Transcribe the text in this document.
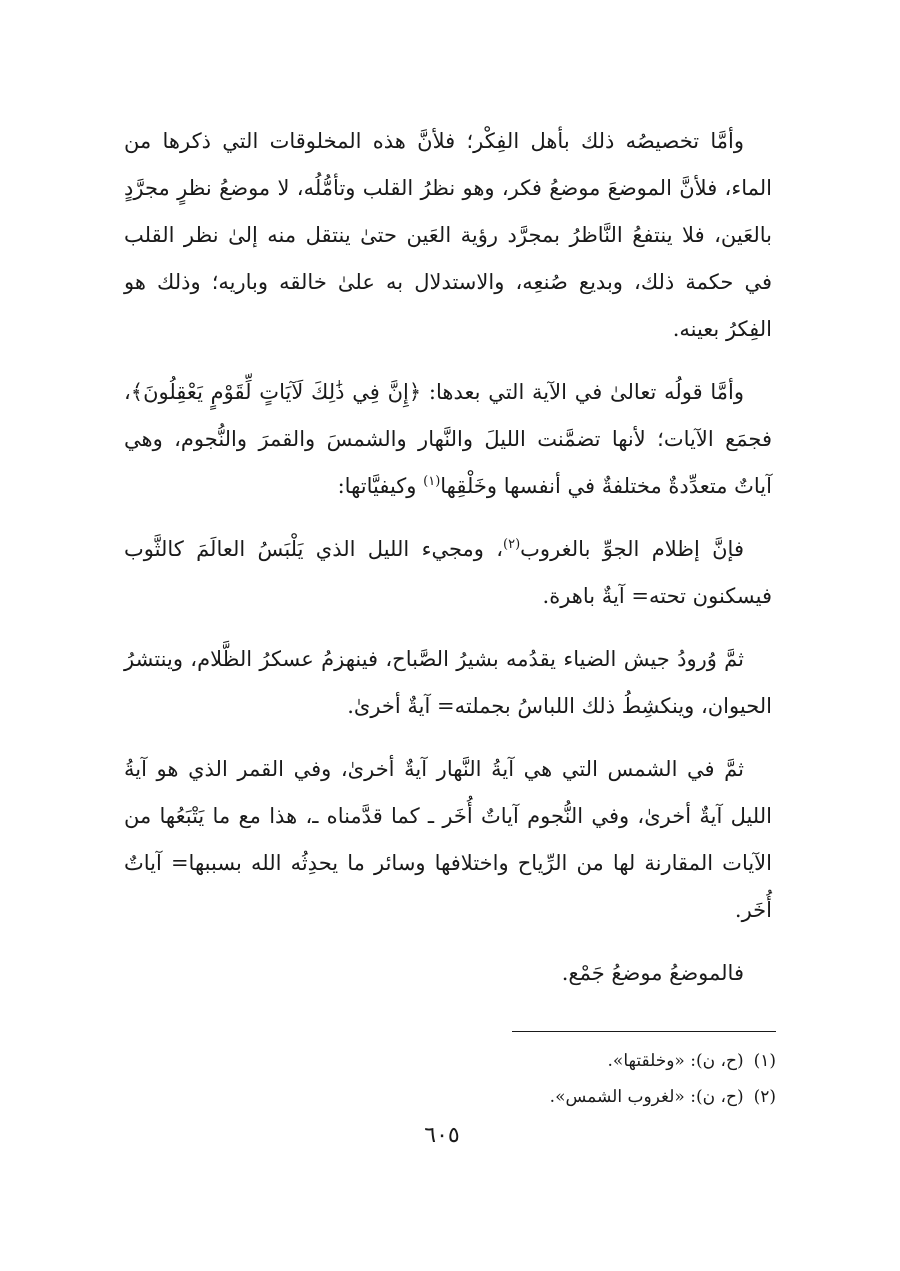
وأمَّا تخصيصُه ذلك بأهل الفِكْر؛ فلأنَّ هذه المخلوقات التي ذكرها من الماء، فلأنَّ الموضعَ موضعُ فكر، وهو نظرُ القلب وتأمُّلُه، لا موضعُ نظرٍ مجرَّدٍ بالعَين، فلا ينتفعُ النَّاظرُ بمجرَّد رؤية العَين حتىٰ ينتقل منه إلىٰ نظر القلب في حكمة ذلك، وبديع صُنعِه، والاستدلال به علىٰ خالقه وباريه؛ وذلك هو الفِكرُ بعينه.

وأمَّا قولُه تعالىٰ في الآية التي بعدها: ﴿إِنَّ فِي ذَٰلِكَ لَآيَاتٍ لِّقَوْمٍ يَعْقِلُونَ﴾، فجمَع الآيات؛ لأنها تضمَّنت الليلَ والنَّهار والشمسَ والقمرَ والنُّجوم، وهي آياتٌ متعدِّدةٌ مختلفةٌ في أنفسها وخَلْقِها$^{(١)}$ وكيفيَّاتها:

فإنَّ إظلام الجوِّ بالغروب$^{(٢)}$، ومجيء الليل الذي يَلْبَسُ العالَمَ كالثَّوب فيسكنون تحته= آيةٌ باهرة.

ثمَّ وُرودُ جيش الضياء يقدُمه بشيرُ الصَّباح، فينهزمُ عسكرُ الظَّلام، وينتشرُ الحيوان، وينكشِطُ ذلك اللباسُ بجملته= آيةٌ أخرىٰ.

ثمَّ في الشمس التي هي آيةُ النَّهار آيةٌ أخرىٰ، وفي القمر الذي هو آيةُ الليل آيةٌ أخرىٰ، وفي النُّجوم آياتٌ أُخَر ـ كما قدَّمناه ـ، هذا مع ما يَتْبَعُها من الآيات المقارنة لها من الرِّياح واختلافها وسائر ما يحدِثُه الله بسببها= آياتٌ أُخَر.

فالموضعُ موضعُ جَمْع.

(١)(ح، ن): «وخلقتها».
(٢)(ح، ن): «لغروب الشمس».
٦٠٥
